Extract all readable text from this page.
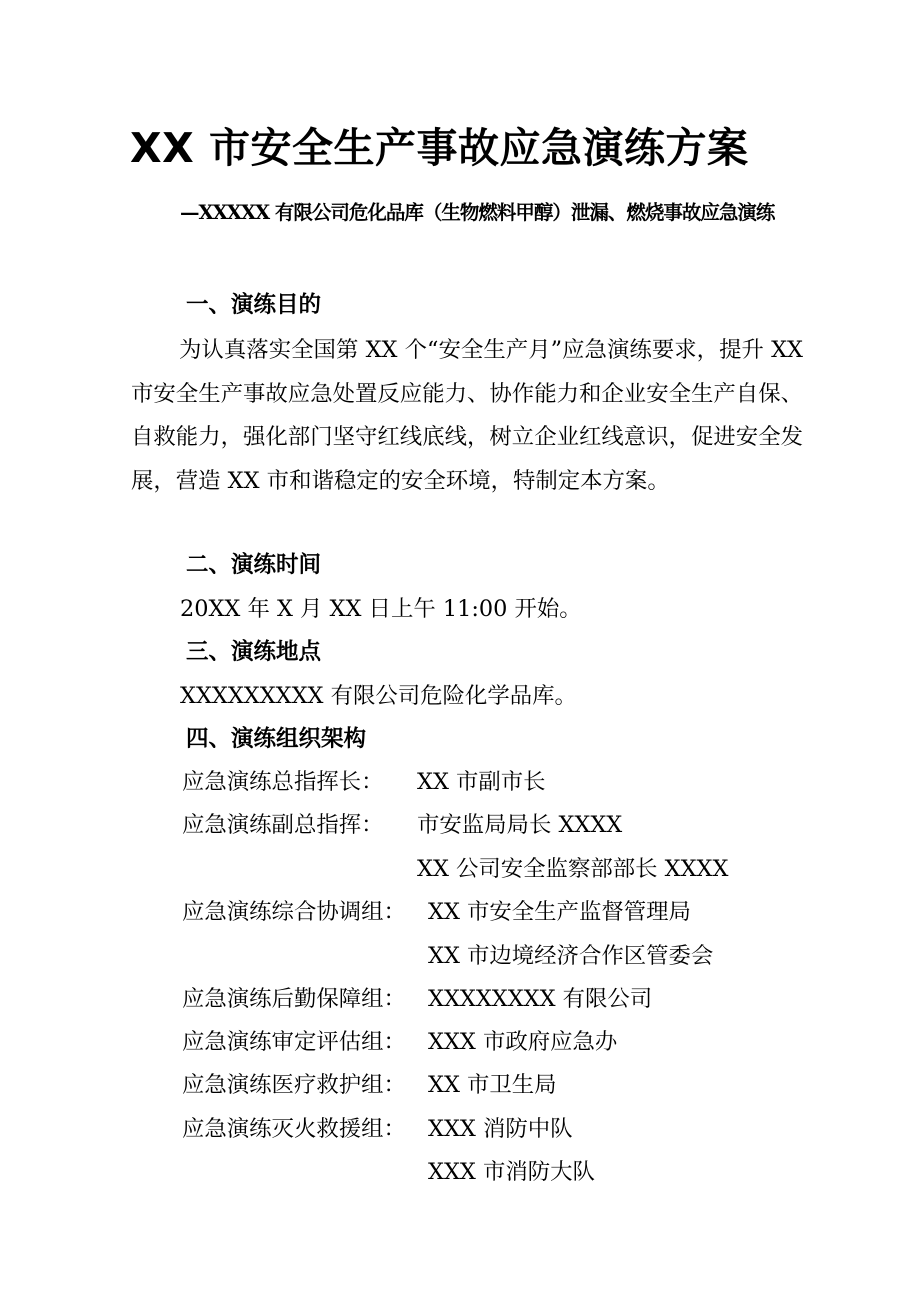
XX 市安全生产事故应急演练方案
—XXXXX 有限公司危化品库（生物燃料甲醇）泄漏、燃烧事故应急演练
一、演练目的

为认真落实全国第 XX 个“安全生产月”应急演练要求，提升 XX 市安全生产事故应急处置反应能力、协作能力和企业安全生产自保、自救能力，强化部门坚守红线底线，树立企业红线意识，促进安全发展，营造 XX 市和谐稳定的安全环境，特制定本方案。

二、演练时间
20XX 年 X 月 XX 日上午 11:00 开始。
三、演练地点
XXXXXXXXX 有限公司危险化学品库。
四、演练组织架构
应急演练总指挥长： XX 市副市长
应急演练副总指挥： 市安监局局长 XXXX
XX 公司安全监察部部长 XXXX
应急演练综合协调组： XX 市安全生产监督管理局
XX 市边境经济合作区管委会
应急演练后勤保障组： XXXXXXXX 有限公司
应急演练审定评估组： XXX 市政府应急办
应急演练医疗救护组： XX 市卫生局
应急演练灭火救援组： XXX 消防中队
XXX 市消防大队
